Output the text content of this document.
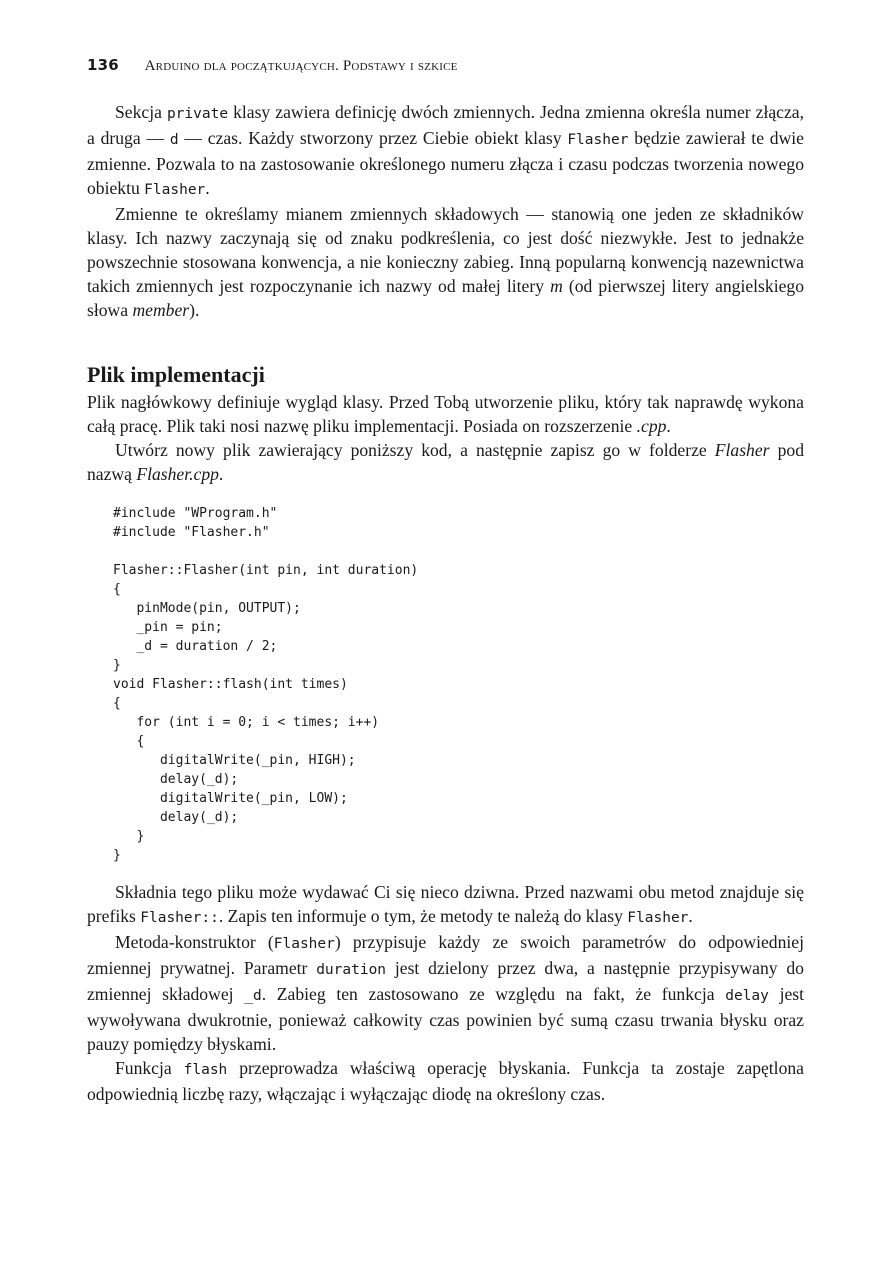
136 Arduino dla początkujących. Podstawy i szkice

Sekcja private klasy zawiera definicję dwóch zmiennych. Jedna zmienna określa numer złącza, a druga — d — czas. Każdy stworzony przez Ciebie obiekt klasy Flasher będzie zawierał te dwie zmienne. Pozwala to na zastosowanie określonego numeru złącza i czasu podczas tworzenia nowego obiektu Flasher.

Zmienne te określamy mianem zmiennych składowych — stanowią one jeden ze składników klasy. Ich nazwy zaczynają się od znaku podkreślenia, co jest dość niezwykłe. Jest to jednakże powszechnie stosowana konwencja, a nie konieczny zabieg. Inną popularną konwencją nazewnictwa takich zmiennych jest rozpoczynanie ich nazwy od małej litery m (od pierwszej litery angielskiego słowa member).

Plik implementacji

Plik nagłówkowy definiuje wygląd klasy. Przed Tobą utworzenie pliku, który tak naprawdę wykona całą pracę. Plik taki nosi nazwę pliku implementacji. Posiada on rozszerzenie .cpp.

Utwórz nowy plik zawierający poniższy kod, a następnie zapisz go w folderze Flasher pod nazwą Flasher.cpp.

#include "WProgram.h"
#include "Flasher.h"

Flasher::Flasher(int pin, int duration)
{
pinMode(pin, OUTPUT);
_pin = pin;
_d = duration / 2;
}
void Flasher::flash(int times)
{
for (int i = 0; i < times; i++)
{
digitalWrite(_pin, HIGH);
delay(_d);
digitalWrite(_pin, LOW);
delay(_d);
}
}

Składnia tego pliku może wydawać Ci się nieco dziwna. Przed nazwami obu metod znajduje się prefiks Flasher::. Zapis ten informuje o tym, że metody te należą do klasy Flasher.

Metoda-konstruktor (Flasher) przypisuje każdy ze swoich parametrów do odpowiedniej zmiennej prywatnej. Parametr duration jest dzielony przez dwa, a następnie przypisywany do zmiennej składowej _d. Zabieg ten zastosowano ze względu na fakt, że funkcja delay jest wywoływana dwukrotnie, ponieważ całkowity czas powinien być sumą czasu trwania błysku oraz pauzy pomiędzy błyskami.

Funkcja flash przeprowadza właściwą operację błyskania. Funkcja ta zostaje zapętlona odpowiednią liczbę razy, włączając i wyłączając diodę na określony czas.
